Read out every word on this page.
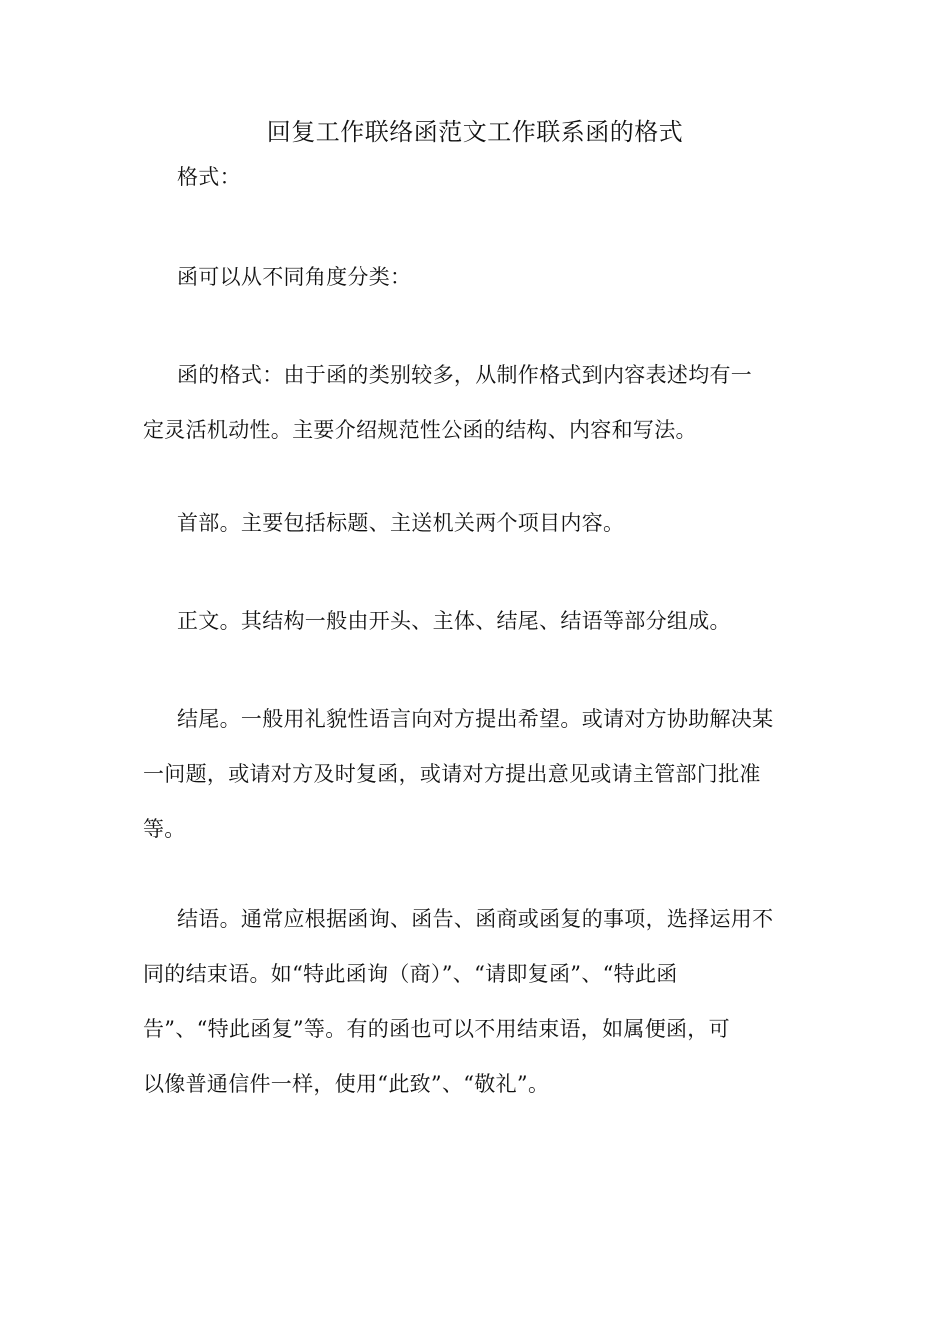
回复工作联络函范文工作联系函的格式
格式：
函可以从不同角度分类：
函的格式：由于函的类别较多，从制作格式到内容表述均有一
定灵活机动性。主要介绍规范性公函的结构、内容和写法。
首部。主要包括标题、主送机关两个项目内容。
正文。其结构一般由开头、主体、结尾、结语等部分组成。
结尾。一般用礼貌性语言向对方提出希望。或请对方协助解决某
一问题，或请对方及时复函，或请对方提出意见或请主管部门批准
等。
结语。通常应根据函询、函告、函商或函复的事项，选择运用不
同的结束语。如“特此函询（商）”、“请即复函”、“特此函
告”、“特此函复”等。有的函也可以不用结束语，如属便函，可
以像普通信件一样，使用“此致”、“敬礼”。
